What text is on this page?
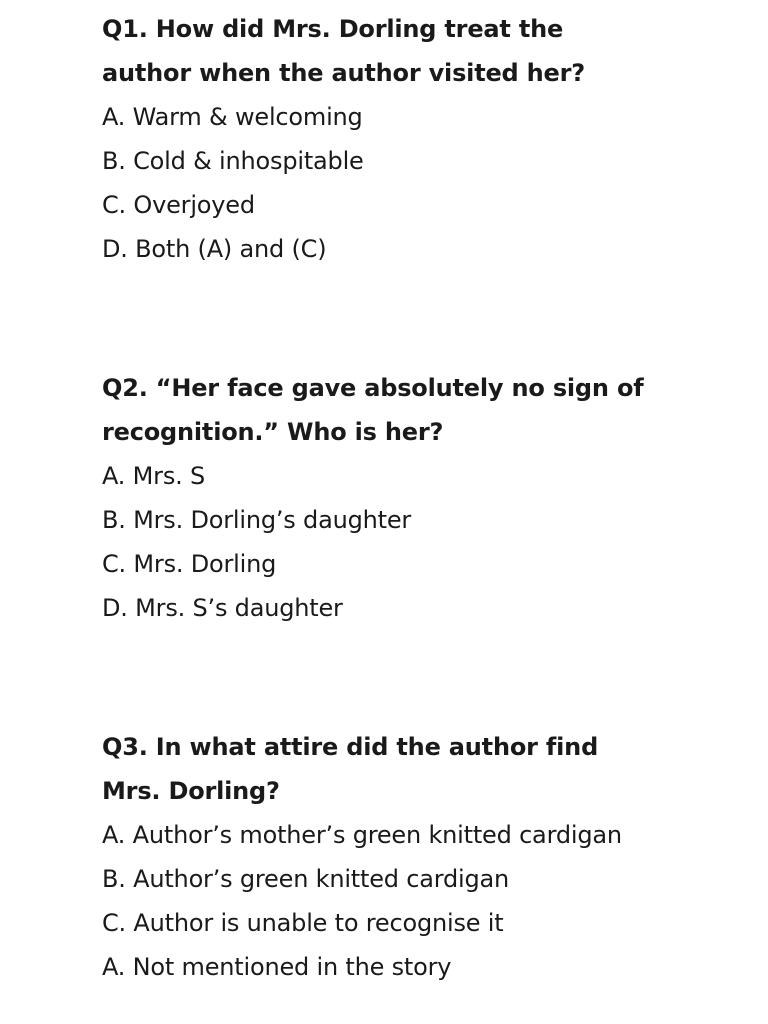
Q1. How did Mrs. Dorling treat the
author when the author visited her?

A. Warm & welcoming
B. Cold & inhospitable
C. Overjoyed
D. Both (A) and (C)

Q2. “Her face gave absolutely no sign of
recognition.” Who is her?

A. Mrs. S
B. Mrs. Dorling’s daughter
C. Mrs. Dorling
D. Mrs. S’s daughter

Q3. In what attire did the author find
Mrs. Dorling?

A. Author’s mother’s green knitted cardigan
B. Author’s green knitted cardigan
C. Author is unable to recognise it
A. Not mentioned in the story
